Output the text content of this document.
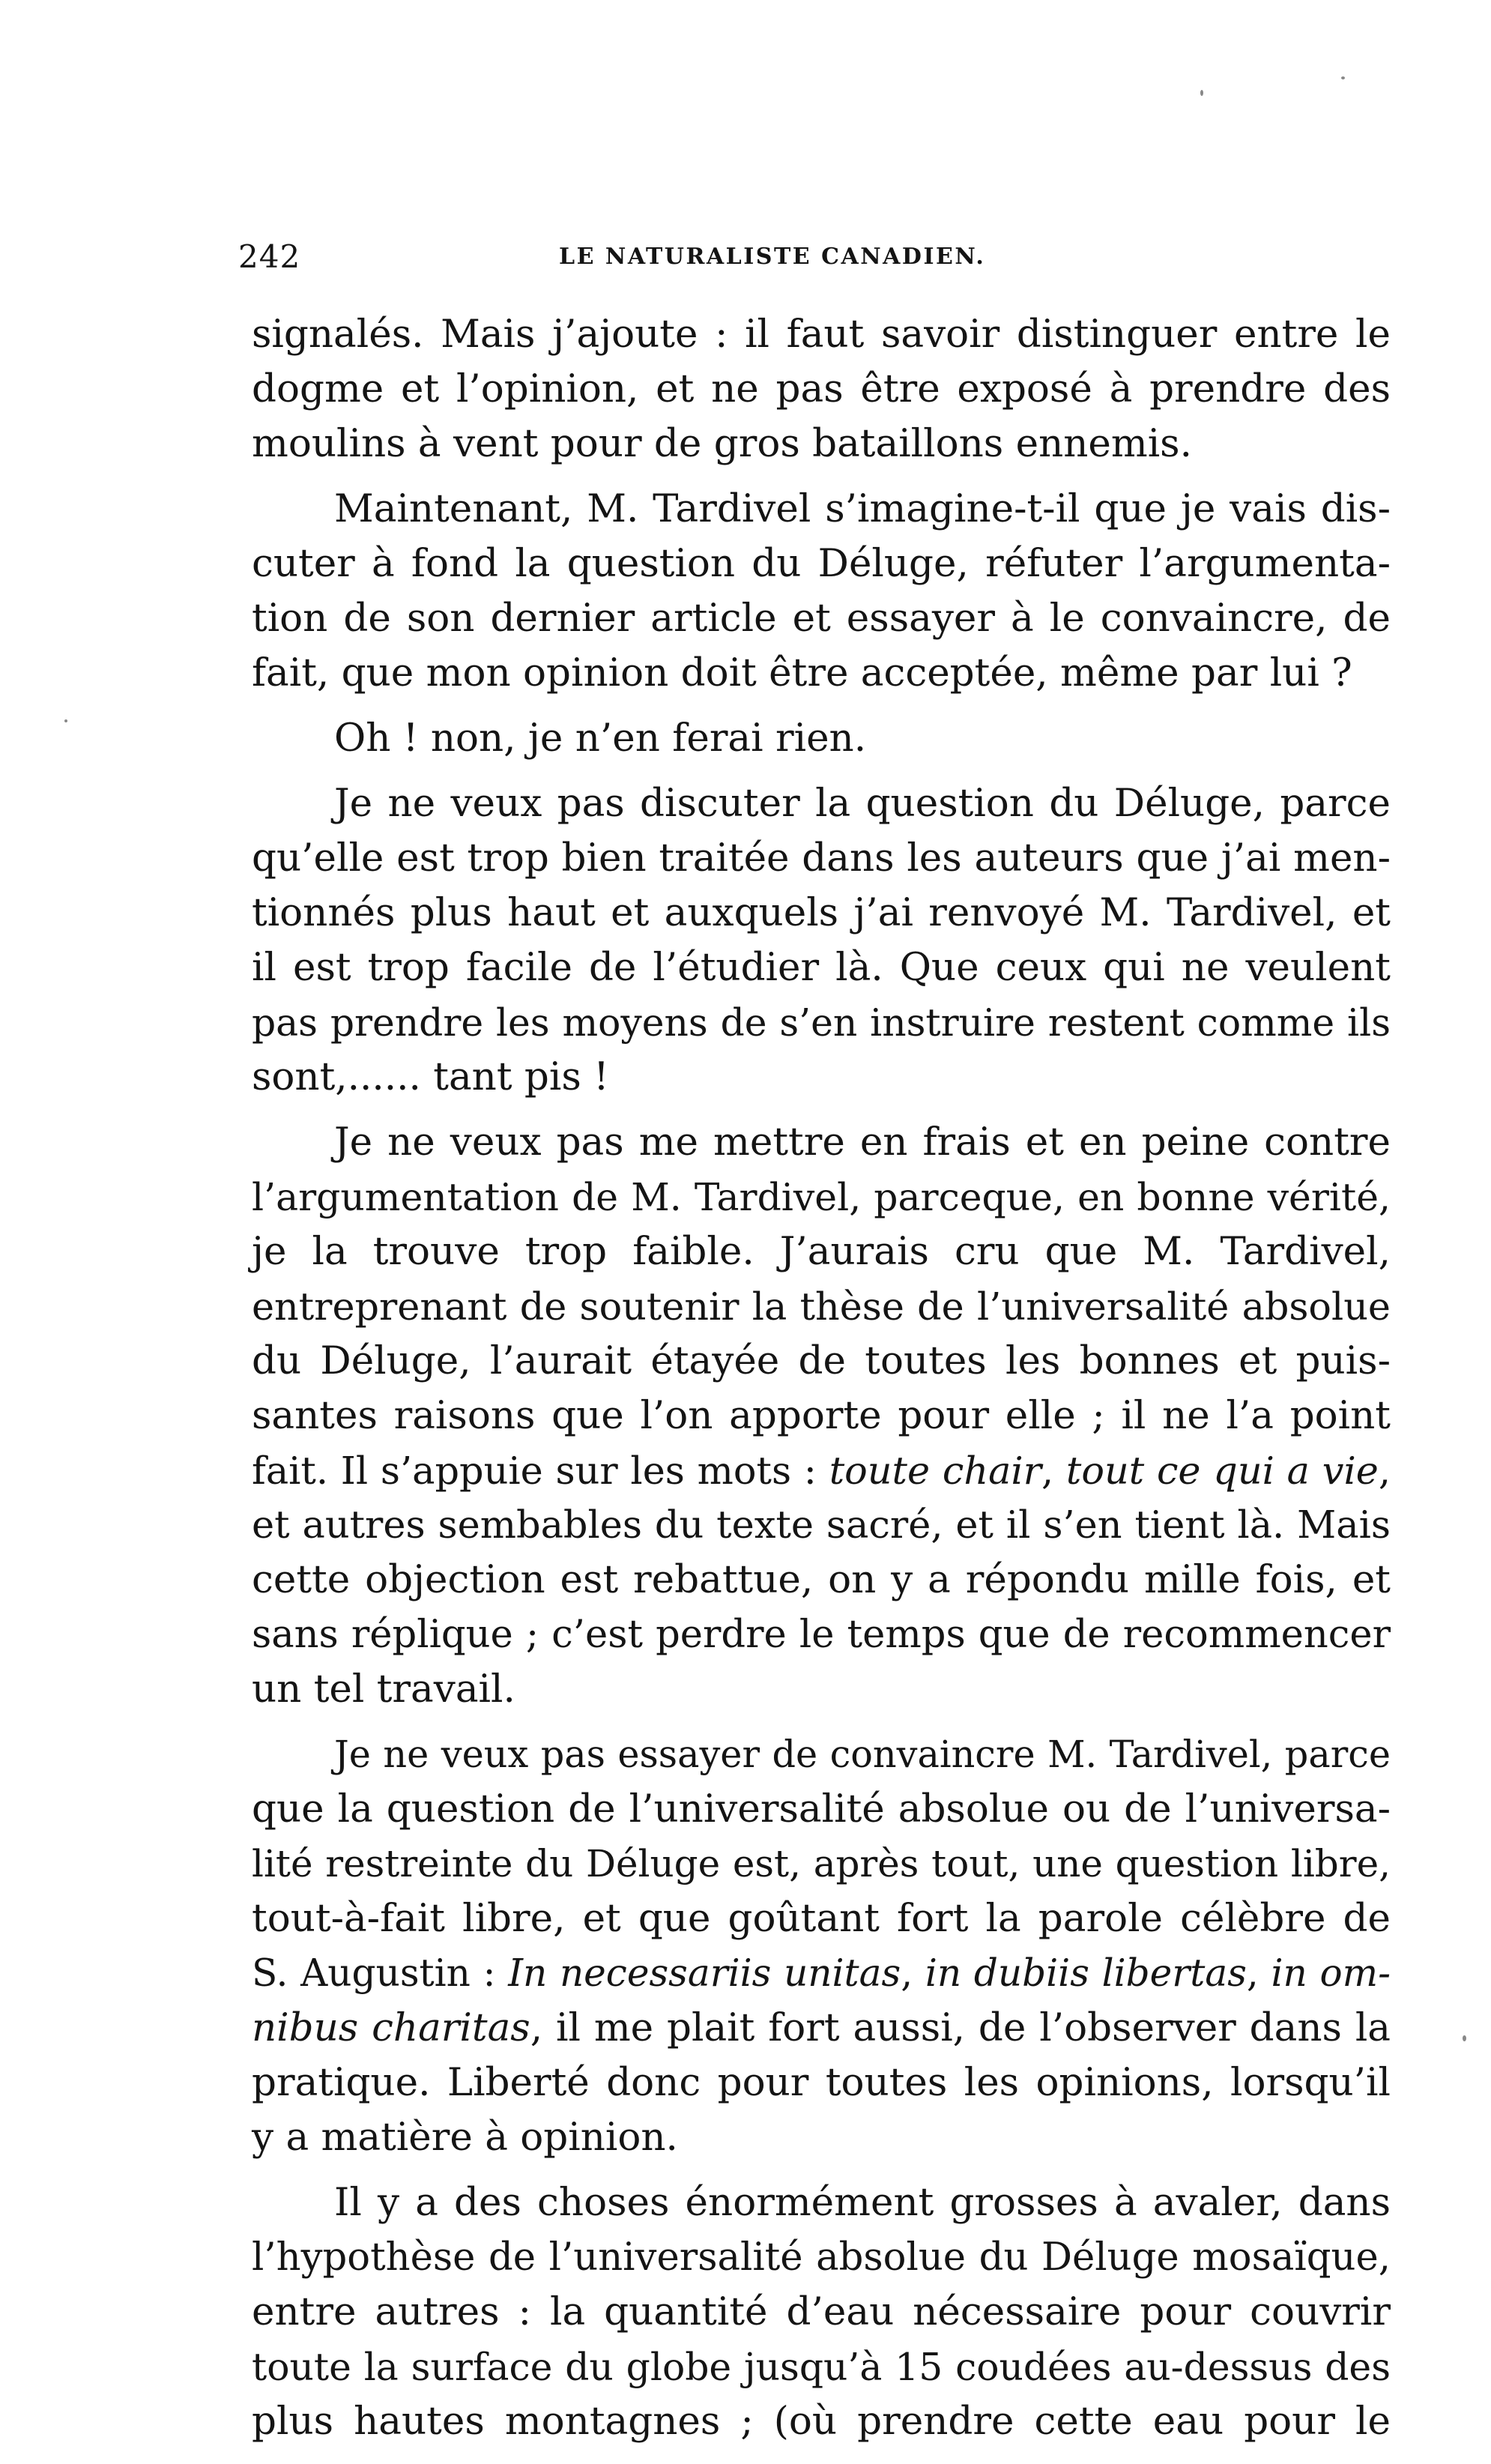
242	LE NATURALISTE CANADIEN.
signalés. Mais j’ajoute : il faut savoir distinguer entre le
dogme et l’opinion, et ne pas être exposé à prendre des
moulins à vent pour de gros bataillons ennemis.
Maintenant, M. Tardivel s’imagine-t-il que je vais dis-
cuter à fond la question du Déluge, réfuter l’argumenta-
tion de son dernier article et essayer à le convaincre, de
fait, que mon opinion doit être acceptée, même par lui ?
Oh ! non, je n’en ferai rien.
Je ne veux pas discuter la question du Déluge, parce
qu’elle est trop bien traitée dans les auteurs que j’ai men-
tionnés plus haut et auxquels j’ai renvoyé M. Tardivel, et
il est trop facile de l’étudier là. Que ceux qui ne veulent
pas prendre les moyens de s’en instruire restent comme ils
sont,...... tant pis !
Je ne veux pas me mettre en frais et en peine contre
l’argumentation de M. Tardivel, parceque, en bonne vérité,
je la trouve trop faible. J’aurais cru que M. Tardivel,
entreprenant de soutenir la thèse de l’universalité absolue
du Déluge, l’aurait étayée de toutes les bonnes et puis-
santes raisons que l’on apporte pour elle ; il ne l’a point
fait. Il s’appuie sur les mots : toute chair, tout ce qui a vie,
et autres sembables du texte sacré, et il s’en tient là. Mais
cette objection est rebattue, on y a répondu mille fois, et
sans réplique ; c’est perdre le temps que de recommencer
un tel travail.
Je ne veux pas essayer de convaincre M. Tardivel, parce
que la question de l’universalité absolue ou de l’universa-
lité restreinte du Déluge est, après tout, une question libre,
tout-à-fait libre, et que goûtant fort la parole célèbre de
S. Augustin : In necessariis unitas, in dubiis libertas, in om-
nibus charitas, il me plait fort aussi, de l’observer dans la
pratique. Liberté donc pour toutes les opinions, lorsqu’il
y a matière à opinion.
Il y a des choses énormément grosses à avaler, dans
l’hypothèse de l’universalité absolue du Déluge mosaïque,
entre autres : la quantité d’eau nécessaire pour couvrir
toute la surface du globe jusqu’à 15 coudées au-dessus des
plus hautes montagnes ; (où prendre cette eau pour le
